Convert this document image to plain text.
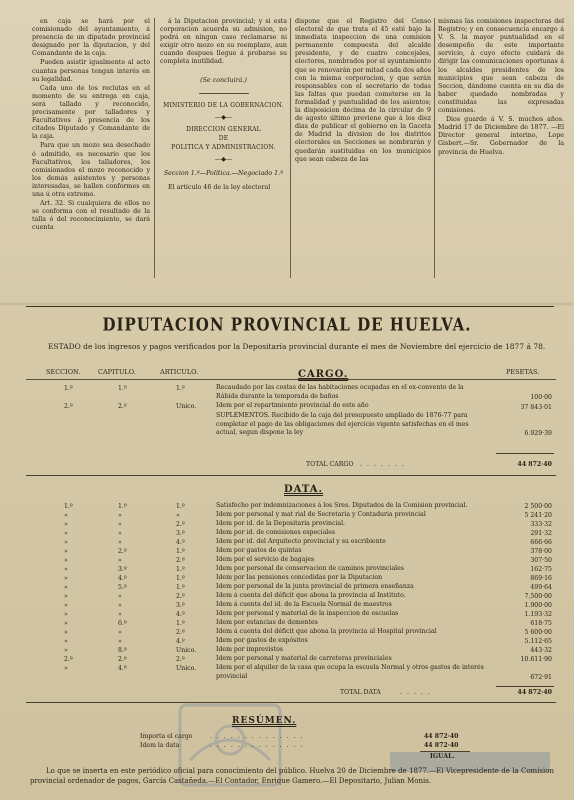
en caja se hará por el comisionado del ayuntamiento, á presencia de un diputado provincial designado por la diputacion, y del Comandante de la caja.

Pueden asistir igualmente al acto cuantas personas tengan interés en su legalidad.

Cada uno de los reclutas en el momento de su entrega en caja, será tallado y reconocido, precisamente por talladores y Facultativos á presencia de los citados Diputado y Comandante de la caja.

Para que un mozo sea desechado ó admitido, es necesario que los Facultativos, los talladores, los comisionados el mozo reconocido y los demás asistentes y personas interesadas, se hallen conformes en una ú otra extremo.

Art. 32. Si cualquiera de ellos no se conforma con el resultado de la talla ó del reconocimiento, se dará cuenta

á la Diputacion provincial; y si esta corporacion acuerda su admision, no podrá en ningun caso reclamarse ni exigir otro mozo en su reemplazo, aun cuando despues llegue á probarse su completa inutilidad.

(Se concluirá.)

MINISTERIO DE LA GOBERNACION.

—◆—

DIRECCION GENERAL

DE

POLITICA Y ADMINISTRACION.

—◆—

Seccion 1.ª—Política.—Negociado 1.º

El artículo 46 de la ley electoral

dispone que el Registro del Censo electoral de que trata el 45 esté bajo la inmediata inspeccion de una comision permanente compuesta del alcalde presidente, y de cuatro concejales, electores, nombrados por el ayuntamiento que se renovarán por mitad cada dos años con la misma corporacion, y que serán responsables con el secretario de todas las faltas que puedan cometerse en la formalidad y puntualidad de los asientos; la disposicion décima de la circular de 9 de agosto último previene que á los diez dias de publicar el gobierno en la Gaceta de Madrid la division de los distritos electorales en Secciones se nombrarán y quedarán sustituidas en los municipios que sean cabeza de las

mismas las comisiones inspectoras del Registro; y en consecuencia encargo á V. S. la mayor puntualidad en el desempeño de este importante servicio, á cuyo efecto cuidará de dirigir las comunicaciones oportunas á los alcaldes presidentes de los municipios que sean cabeza de Seccion, dándome cuenta en su dia de haber quedado nombradas y constituidas las expresadas comisiones.

Dios guarde á V. S. muchos años. Madrid 17 de Diciembre de 1877. —El Director general interino, Lope Gisbert.—Sr. Gobernador de la provincia de Huelva.

DIPUTACION PROVINCIAL DE HUELVA.
ESTADO de los ingresos y pagos verificados por la Depositaría provincial durante el mes de Noviembre del ejercicio de 1877 á 78.
SECCION.	CAPITULO.	ARTICULO.	PESETAS.
CARGO.
1.º	1.º	1.º	Recaudado por las costas de las habitaciones ocupadas en el ex-convento de la Rábida durante la temporada de baños	100·00
2.º	2.º	Unico.	Idem por el repartimiento provincial de este año	37 843·01
SUPLEMENTOS. Recibido de la caja del presupuesto ampliado de 1876-77 para completar el pago de las obligaciones del ejercicio vigente satisfechas en el mes actual, segun dispone la ley	6.929·39
TOTAL CARGO .......	44 872·40
DATA.
1.º	1.º	1.º	Satisfecho por indemnizaciones á los Sres. Diputados de la Comision provincial.	2 500·00
»	»	»	Idem por personal y mat rial de Secretaria y Contaduria provincial	5 241·20
»	»	2.º	Idem por id. de la Depositaria provincial.	333·32
»	»	3.º	Idem por id. de comisiones especiales	291·32
»	»	4.º	Idem por id. del Arquitecto provincial y su escribiente	666·66
»	2.º	1.º	Idem por gastos de quintas	378·00
»	»	2.º	Idem por el servicio de bagajes	307·50
»	3.º	1.º	Idem por personal de conservacion de caminos provinciales	162·75
»	4.º	1.º	Idem por las pensiones concedidas por la Diputacion	869·16
»	5.º	1.º	Idem por personal de la junta provincial de primera enseñanza	499·64
»	»	2.º	Idem á cuenta del déficit que abona la provincia al Instituto.	7.500·00
»	»	3.º	Idem á cuenta del id. de la Escuela Normal de maestros	1.900·00
»	»	4.º	Idem por personal y material de la inspeccion de escuelas	1.193·32
»	6.º	1.º	Idem por estancias de dementes	618·75
»	»	2.º	Idem á cuenta del déficit que abona la provincia al Hospital provincial	5 600·00
»	»	4.º	Idem por gastos de expósitos	5.112·65
»	8.º	Unico.	Idem por imprevistos	443·32
2.º	2.º	2.º	Idem por personal y material de carreteras provinciales	10.611·90
»	4.º	Unico.	Idem por el alquiler de la casa que ocupa la escuela Normal y otros gastos de interés provincial	672·91
TOTAL DATA	.....	44 872·40
RESÚMEN.
Importa el cargo	..............	44 872·40
Idem la data	..............	44 872·40
IGUAL.
Lo que se inserta en este periódico oficial para conocimiento del público. Huelva 20 de Diciembre de 1877.—El Vicepresidente de la Comision provincial ordenador de pagos, García Castañeda.—El Contador, Enrique Gamero.—El Depositario, Julian Monis.
